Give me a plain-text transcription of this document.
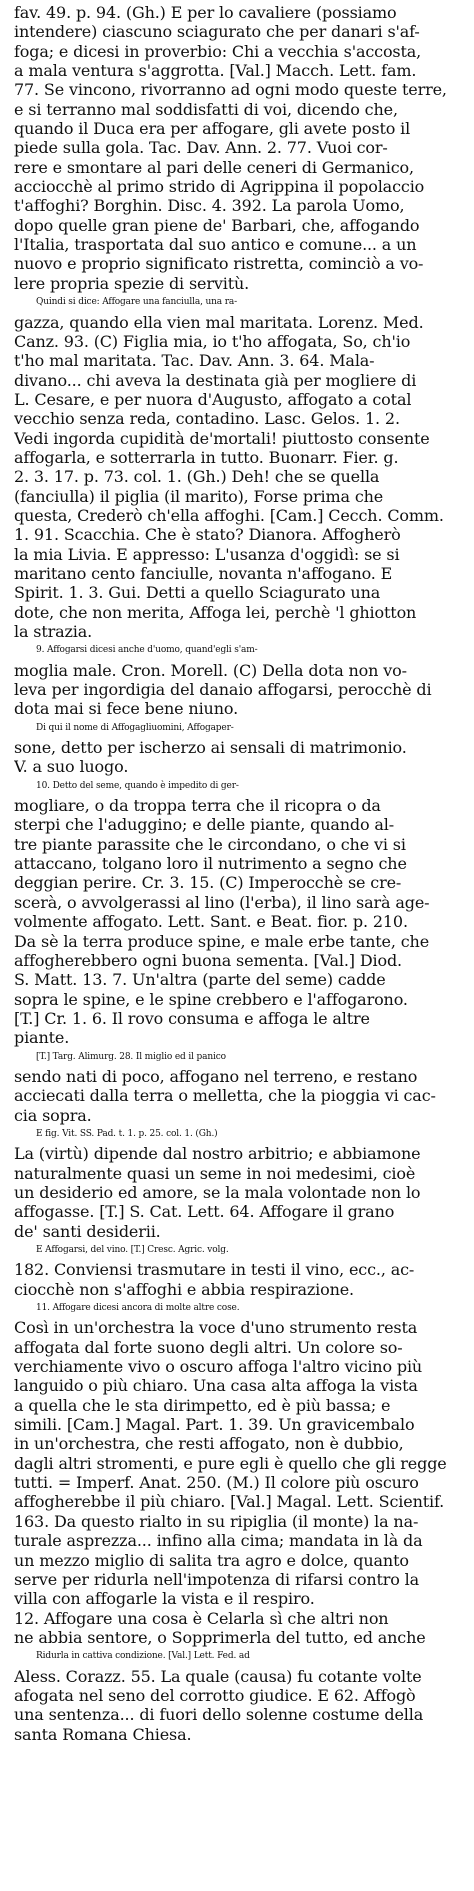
fav. 49. p. 94. (Gh.) E per lo cavaliere (possiamo
intendere) ciascuno sciagurato che per danari s'af-
foga; e dicesi in proverbio: Chi a vecchia s'accosta,
a mala ventura s'aggrotta. [Val.] Macch. Lett. fam.
77. Se vincono, rivorranno ad ogni modo queste terre,
e si terranno mal soddisfatti di voi, dicendo che,
quando il Duca era per affogare, gli avete posto il
piede sulla gola. Tac. Dav. Ann. 2. 77. Vuoi cor-
rere e smontare al pari delle ceneri di Germanico,
acciocchè al primo strido di Agrippina il popolaccio
t'affoghi? Borghin. Disc. 4. 392. La parola Uomo,
dopo quelle gran piene de' Barbari, che, affogando
l'Italia, trasportata dal suo antico e comune... a un
nuovo e proprio significato ristretta, cominciò a vo-
lere propria spezie di servitù.
Quindi si dice: Affogare una fanciulla, una ra-
gazza, quando ella vien mal maritata. Lorenz. Med.
Canz. 93. (C) Figlia mia, io t'ho affogata, So, ch'io
t'ho mal maritata. Tac. Dav. Ann. 3. 64. Mala-
divano... chi aveva la destinata già per mogliere di
L. Cesare, e per nuora d'Augusto, affogato a cotal
vecchio senza reda, contadino. Lasc. Gelos. 1. 2.
Vedi ingorda cupidità de'mortali! piuttosto consente
affogarla, e sotterrarla in tutto. Buonarr. Fier. g.
2. 3. 17. p. 73. col. 1. (Gh.) Deh! che se quella
(fanciulla) il piglia (il marito), Forse prima che
questa, Crederò ch'ella affoghi. [Cam.] Cecch. Comm.
1. 91. Scacchia. Che è stato? Dianora. Affogherò
la mia Livia. E appresso: L'usanza d'oggidì: se si
maritano cento fanciulle, novanta n'affogano. E
Spirit. 1. 3. Gui. Detti a quello Sciagurato una
dote, che non merita, Affoga lei, perchè 'l ghiotton
la strazia.
9. Affogarsi dicesi anche d'uomo, quand'egli s'am-
moglia male. Cron. Morell. (C) Della dota non vo-
leva per ingordigia del danaio affogarsi, perocchè di
dota mai si fece bene niuno.
Di qui il nome di Affogagliuomini, Affogaper-
sone, detto per ischerzo ai sensali di matrimonio.
V. a suo luogo.
10. Detto del seme, quando è impedito di ger-
mogliare, o da troppa terra che il ricopra o da
sterpi che l'aduggino; e delle piante, quando al-
tre piante parassite che le circondano, o che vi si
attaccano, tolgano loro il nutrimento a segno che
deggian perire. Cr. 3. 15. (C) Imperocchè se cre-
scerà, o avvolgerassi al lino (l'erba), il lino sarà age-
volmente affogato. Lett. Sant. e Beat. fior. p. 210.
Da sè la terra produce spine, e male erbe tante, che
affogherebbero ogni buona sementa. [Val.] Diod.
S. Matt. 13. 7. Un'altra (parte del seme) cadde
sopra le spine, e le spine crebbero e l'affogarono.
[T.] Cr. 1. 6. Il rovo consuma e affoga le altre
piante.
[T.] Targ. Alimurg. 28. Il miglio ed il panico
sendo nati di poco, affogano nel terreno, e restano
acciecati dalla terra o melletta, che la pioggia vi cac-
cia sopra.
E fig. Vit. SS. Pad. t. 1. p. 25. col. 1. (Gh.)
La (virtù) dipende dal nostro arbitrio; e abbiamone
naturalmente quasi un seme in noi medesimi, cioè
un desiderio ed amore, se la mala volontade non lo
affogasse. [T.] S. Cat. Lett. 64. Affogare il grano
de' santi desiderii.
E Affogarsi, del vino. [T.] Cresc. Agric. volg.
182. Conviensi trasmutare in testi il vino, ecc., ac-
ciocchè non s'affoghi e abbia respirazione.
11. Affogare dicesi ancora di molte altre cose.
Così in un'orchestra la voce d'uno strumento resta
affogata dal forte suono degli altri. Un colore so-
verchiamente vivo o oscuro affoga l'altro vicino più
languido o più chiaro. Una casa alta affoga la vista
a quella che le sta dirimpetto, ed è più bassa; e
simili. [Cam.] Magal. Part. 1. 39. Un gravicembalo
in un'orchestra, che resti affogato, non è dubbio,
dagli altri stromenti, e pure egli è quello che gli regge
tutti. = Imperf. Anat. 250. (M.) Il colore più oscuro
affogherebbe il più chiaro. [Val.] Magal. Lett. Scientif.
163. Da questo rialto in su ripiglia (il monte) la na-
turale asprezza... infino alla cima; mandata in là da
un mezzo miglio di salita tra agro e dolce, quanto
serve per ridurla nell'impotenza di rifarsi contro la
villa con affogarle la vista e il respiro.
12. Affogare una cosa è Celarla sì che altri non
ne abbia sentore, o Sopprimerla del tutto, ed anche
Ridurla in cattiva condizione. [Val.] Lett. Fed. ad
Aless. Corazz. 55. La quale (causa) fu cotante volte
afogata nel seno del corrotto giudice. E 62. Affogò
una sentenza... di fuori dello solenne costume della
santa Romana Chiesa.
